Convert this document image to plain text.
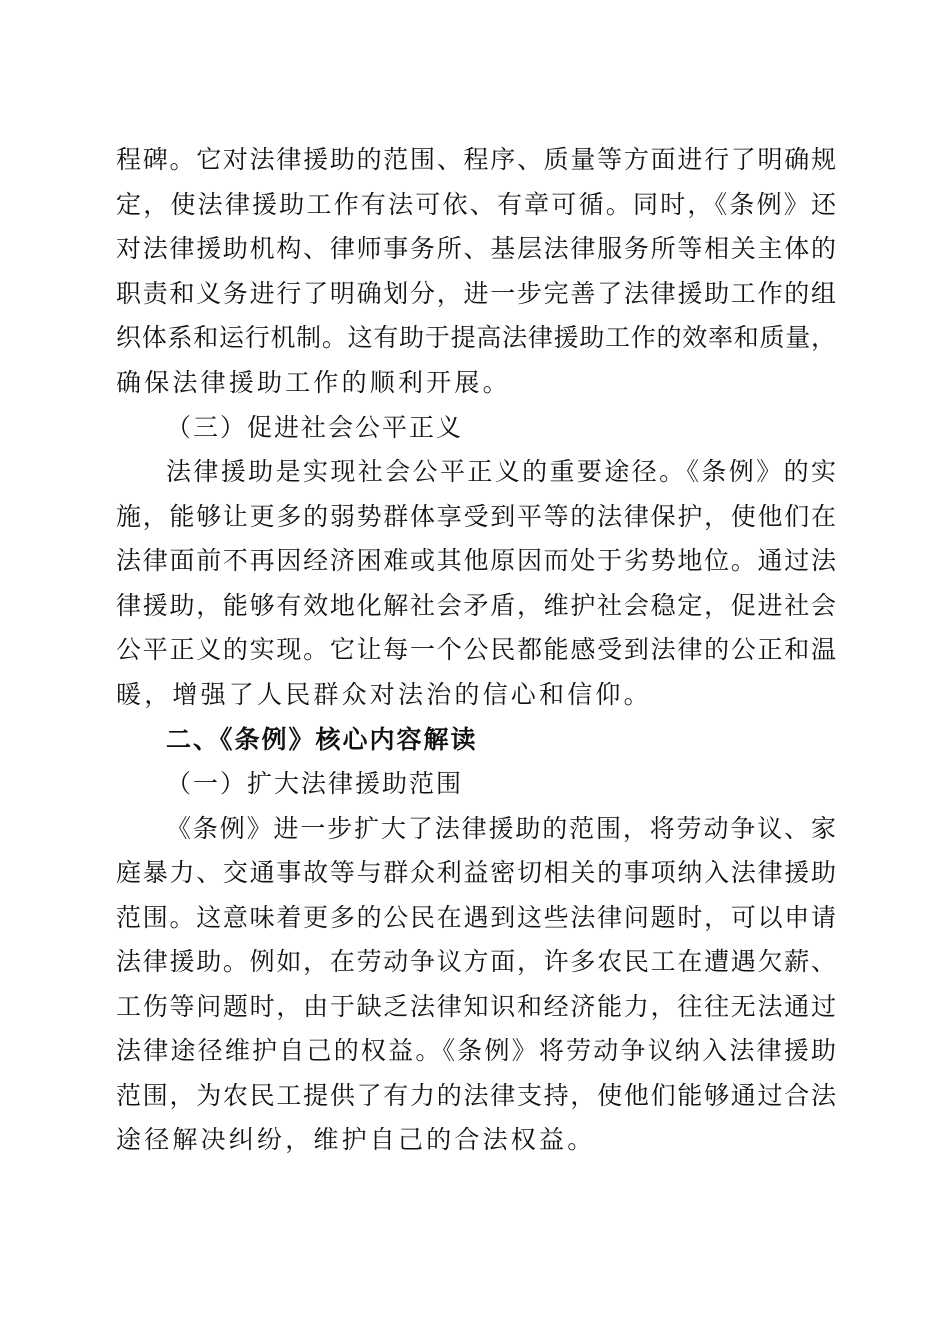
程碑。它对法律援助的范围、程序、质量等方面进行了明确规
定，使法律援助工作有法可依、有章可循。同时，《条例》还
对法律援助机构、律师事务所、基层法律服务所等相关主体的
职责和义务进行了明确划分，进一步完善了法律援助工作的组
织体系和运行机制。这有助于提高法律援助工作的效率和质量，
确保法律援助工作的顺利开展。
（三）促进社会公平正义
法律援助是实现社会公平正义的重要途径。《条例》的实
施，能够让更多的弱势群体享受到平等的法律保护，使他们在
法律面前不再因经济困难或其他原因而处于劣势地位。通过法
律援助，能够有效地化解社会矛盾，维护社会稳定，促进社会
公平正义的实现。它让每一个公民都能感受到法律的公正和温
暖，增强了人民群众对法治的信心和信仰。
二、《条例》核心内容解读
（一）扩大法律援助范围
《条例》进一步扩大了法律援助的范围，将劳动争议、家
庭暴力、交通事故等与群众利益密切相关的事项纳入法律援助
范围。这意味着更多的公民在遇到这些法律问题时，可以申请
法律援助。例如，在劳动争议方面，许多农民工在遭遇欠薪、
工伤等问题时，由于缺乏法律知识和经济能力，往往无法通过
法律途径维护自己的权益。《条例》将劳动争议纳入法律援助
范围，为农民工提供了有力的法律支持，使他们能够通过合法
途径解决纠纷，维护自己的合法权益。
